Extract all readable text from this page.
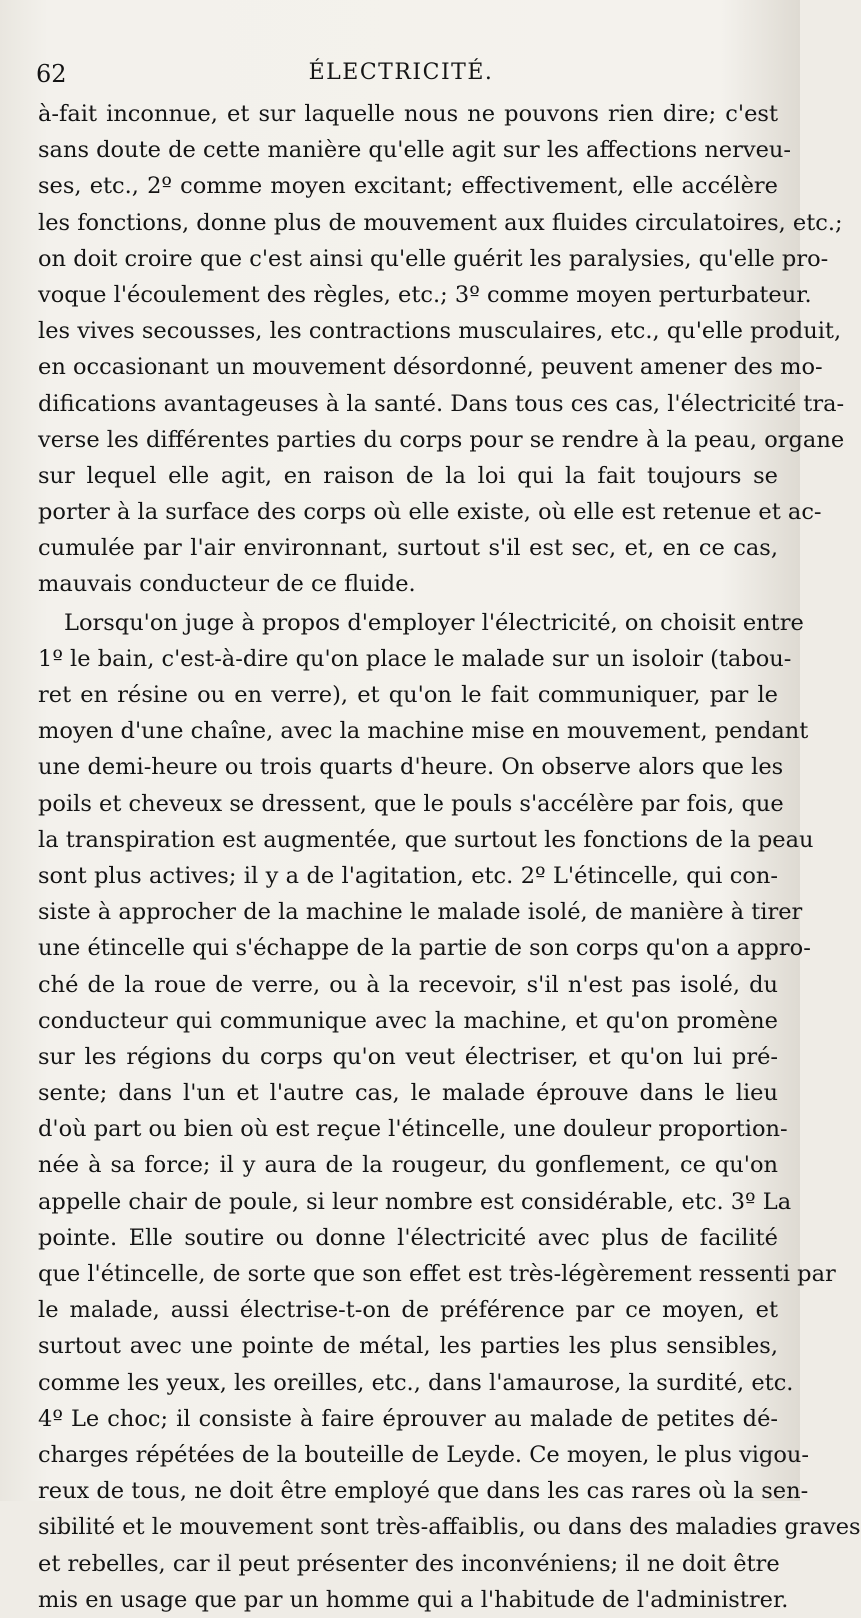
62	ÉLECTRICITÉ.
à-fait inconnue, et sur laquelle nous ne pouvons rien dire; c'est
sans doute de cette manière qu'elle agit sur les affections nerveu-
ses, etc., 2º comme moyen excitant; effectivement, elle accélère
les fonctions, donne plus de mouvement aux fluides circulatoires, etc.;
on doit croire que c'est ainsi qu'elle guérit les paralysies, qu'elle pro-
voque l'écoulement des règles, etc.; 3º comme moyen perturbateur.
les vives secousses, les contractions musculaires, etc., qu'elle produit,
en occasionant un mouvement désordonné, peuvent amener des mo-
difications avantageuses à la santé. Dans tous ces cas, l'électricité tra-
verse les différentes parties du corps pour se rendre à la peau, organe
sur lequel elle agit, en raison de la loi qui la fait toujours se
porter à la surface des corps où elle existe, où elle est retenue et ac-
cumulée par l'air environnant, surtout s'il est sec, et, en ce cas,
mauvais conducteur de ce fluide.
Lorsqu'on juge à propos d'employer l'électricité, on choisit entre
1º le bain, c'est-à-dire qu'on place le malade sur un isoloir (tabou-
ret en résine ou en verre), et qu'on le fait communiquer, par le
moyen d'une chaîne, avec la machine mise en mouvement, pendant
une demi-heure ou trois quarts d'heure. On observe alors que les
poils et cheveux se dressent, que le pouls s'accélère par fois, que
la transpiration est augmentée, que surtout les fonctions de la peau
sont plus actives; il y a de l'agitation, etc. 2º L'étincelle, qui con-
siste à approcher de la machine le malade isolé, de manière à tirer
une étincelle qui s'échappe de la partie de son corps qu'on a appro-
ché de la roue de verre, ou à la recevoir, s'il n'est pas isolé, du
conducteur qui communique avec la machine, et qu'on promène
sur les régions du corps qu'on veut électriser, et qu'on lui pré-
sente; dans l'un et l'autre cas, le malade éprouve dans le lieu
d'où part ou bien où est reçue l'étincelle, une douleur proportion-
née à sa force; il y aura de la rougeur, du gonflement, ce qu'on
appelle chair de poule, si leur nombre est considérable, etc. 3º La
pointe. Elle soutire ou donne l'électricité avec plus de facilité
que l'étincelle, de sorte que son effet est très-légèrement ressenti par
le malade, aussi électrise-t-on de préférence par ce moyen, et
surtout avec une pointe de métal, les parties les plus sensibles,
comme les yeux, les oreilles, etc., dans l'amaurose, la surdité, etc.
4º Le choc; il consiste à faire éprouver au malade de petites dé-
charges répétées de la bouteille de Leyde. Ce moyen, le plus vigou-
reux de tous, ne doit être employé que dans les cas rares où la sen-
sibilité et le mouvement sont très-affaiblis, ou dans des maladies graves
et rebelles, car il peut présenter des inconvéniens; il ne doit être
mis en usage que par un homme qui a l'habitude de l'administrer.
